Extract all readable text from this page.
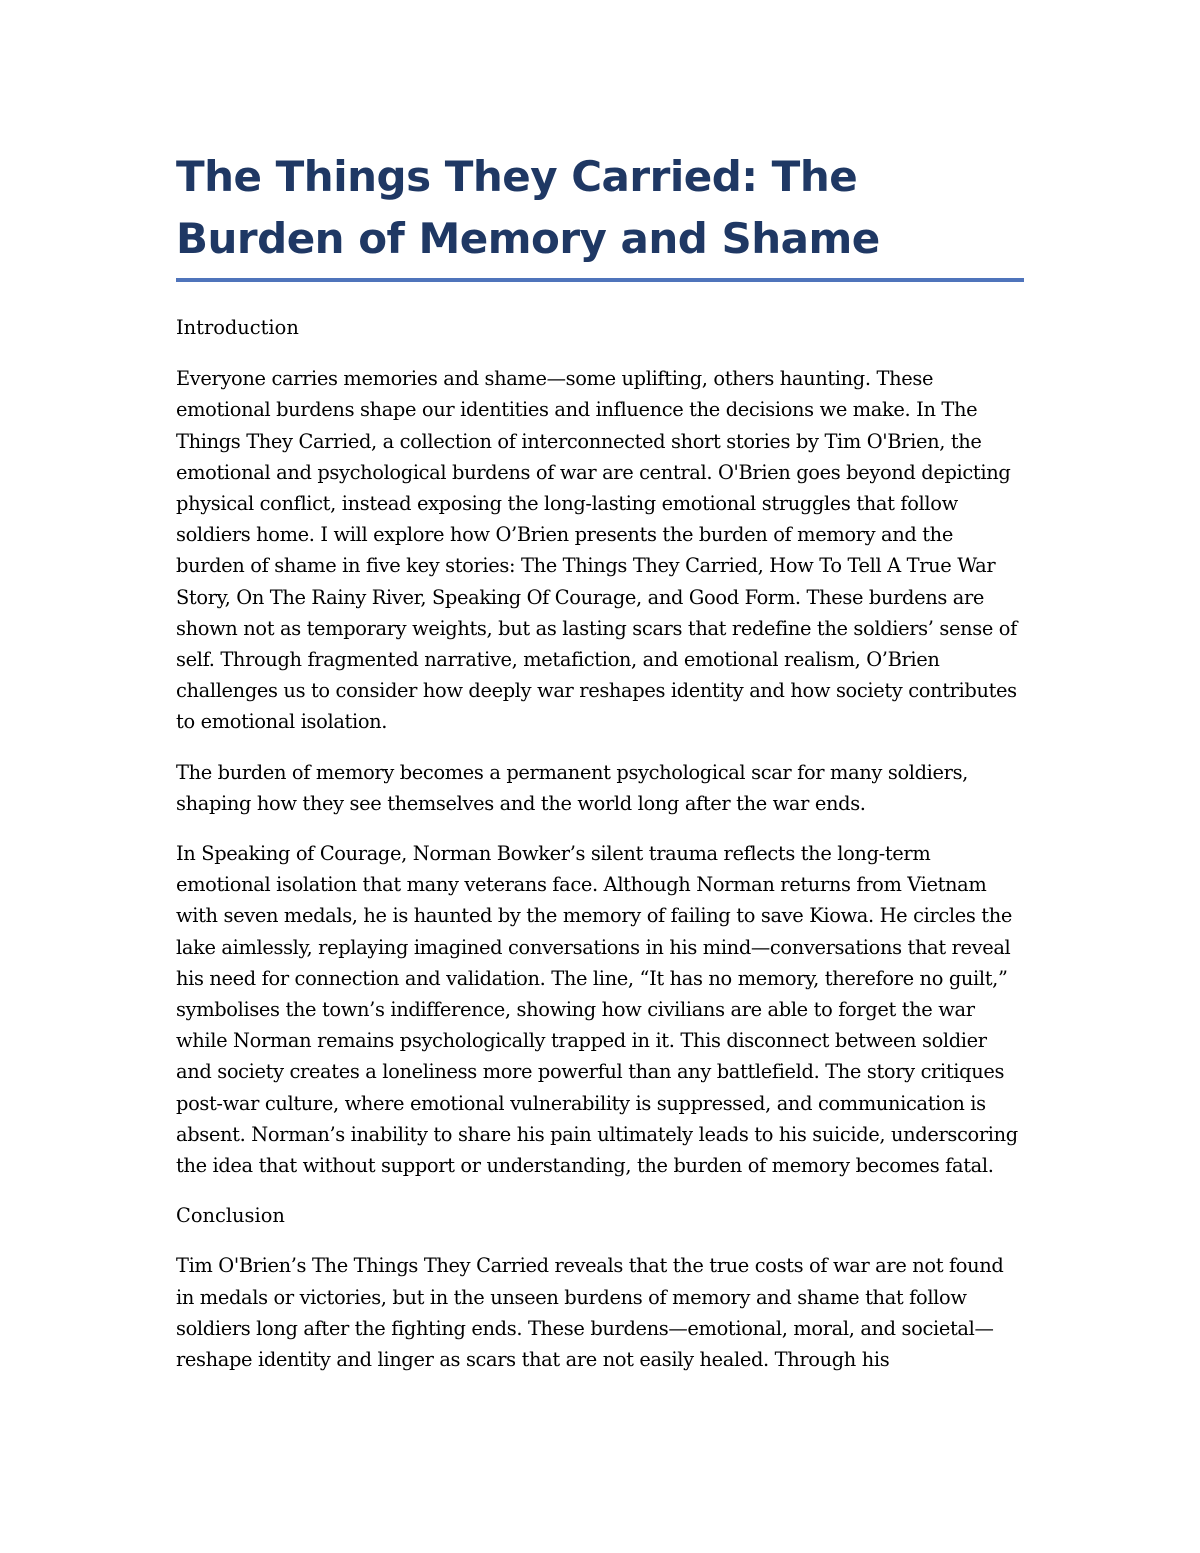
The Things They Carried: The Burden of Memory and Shame

Introduction

Everyone carries memories and shame—some uplifting, others haunting. These emotional burdens shape our identities and influence the decisions we make. In The Things They Carried, a collection of interconnected short stories by Tim O'Brien, the emotional and psychological burdens of war are central. O'Brien goes beyond depicting physical conflict, instead exposing the long-lasting emotional struggles that follow soldiers home. I will explore how O’Brien presents the burden of memory and the burden of shame in five key stories: The Things They Carried, How To Tell A True War Story, On The Rainy River, Speaking Of Courage, and Good Form. These burdens are shown not as temporary weights, but as lasting scars that redefine the soldiers’ sense of self. Through fragmented narrative, metafiction, and emotional realism, O’Brien challenges us to consider how deeply war reshapes identity and how society contributes to emotional isolation.

The burden of memory becomes a permanent psychological scar for many soldiers, shaping how they see themselves and the world long after the war ends.

In Speaking of Courage, Norman Bowker’s silent trauma reflects the long-term emotional isolation that many veterans face. Although Norman returns from Vietnam with seven medals, he is haunted by the memory of failing to save Kiowa. He circles the lake aimlessly, replaying imagined conversations in his mind—conversations that reveal his need for connection and validation. The line, “It has no memory, therefore no guilt,” symbolises the town’s indifference, showing how civilians are able to forget the war while Norman remains psychologically trapped in it. This disconnect between soldier and society creates a loneliness more powerful than any battlefield. The story critiques post-war culture, where emotional vulnerability is suppressed, and communication is absent. Norman’s inability to share his pain ultimately leads to his suicide, underscoring the idea that without support or understanding, the burden of memory becomes fatal.

Conclusion

Tim O'Brien’s The Things They Carried reveals that the true costs of war are not found in medals or victories, but in the unseen burdens of memory and shame that follow soldiers long after the fighting ends. These burdens—emotional, moral, and societal—reshape identity and linger as scars that are not easily healed. Through his
